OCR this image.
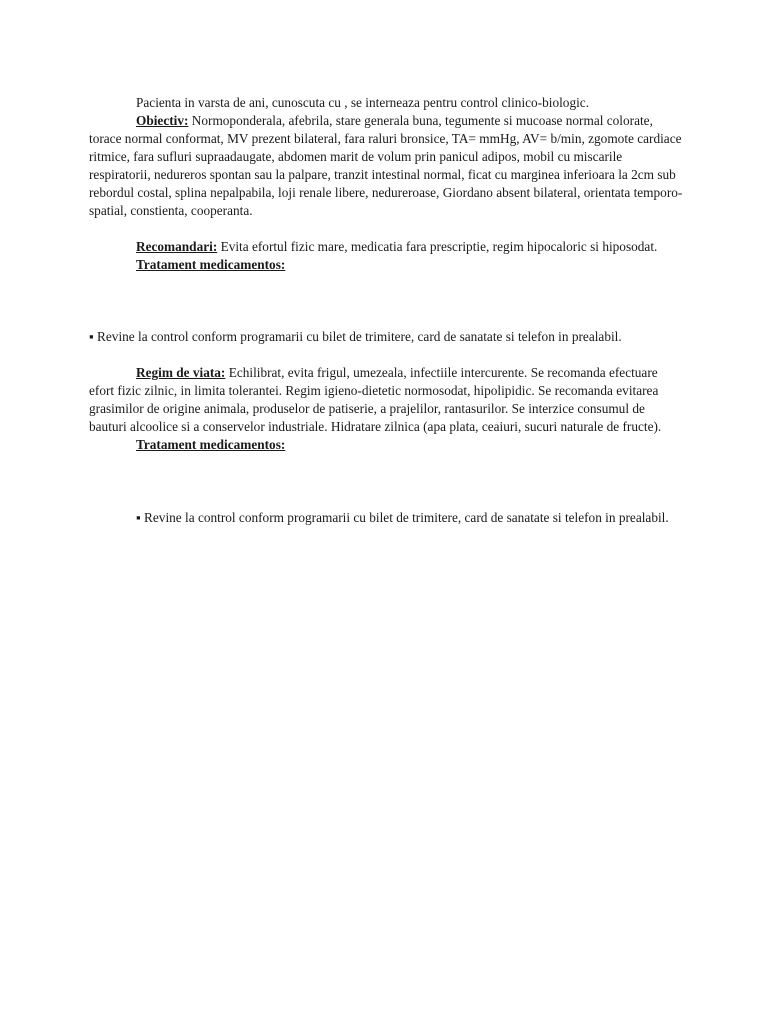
Pacienta in varsta de ani, cunoscuta cu , se interneaza pentru control clinico-biologic.

Obiectiv: Normoponderala, afebrila, stare generala buna, tegumente si mucoase normal colorate, torace normal conformat, MV prezent bilateral, fara raluri bronsice, TA= mmHg, AV= b/min, zgomote cardiace ritmice, fara sufluri supraadaugate, abdomen marit de volum prin panicul adipos, mobil cu miscarile respiratorii, nedureros spontan sau la palpare, tranzit intestinal normal, ficat cu marginea inferioara la 2cm sub rebordul costal, splina nepalpabila, loji renale libere, nedureroase, Giordano absent bilateral, orientata temporo-spatial, constienta, cooperanta.

Recomandari: Evita efortul fizic mare, medicatia fara prescriptie, regim hipocaloric si hiposodat.

Tratament medicamentos:

▪ Revine la control conform programarii cu bilet de trimitere, card de sanatate si telefon in prealabil.

Regim de viata: Echilibrat, evita frigul, umezeala, infectiile intercurente. Se recomanda efectuare efort fizic zilnic, in limita tolerantei. Regim igieno-dietetic normosodat, hipolipidic. Se recomanda evitarea grasimilor de origine animala, produselor de patiserie, a prajelilor, rantasurilor. Se interzice consumul de bauturi alcoolice si a conservelor industriale. Hidratare zilnica (apa plata, ceaiuri, sucuri naturale de fructe).

Tratament medicamentos:

▪ Revine la control conform programarii cu bilet de trimitere, card de sanatate si telefon in prealabil.
